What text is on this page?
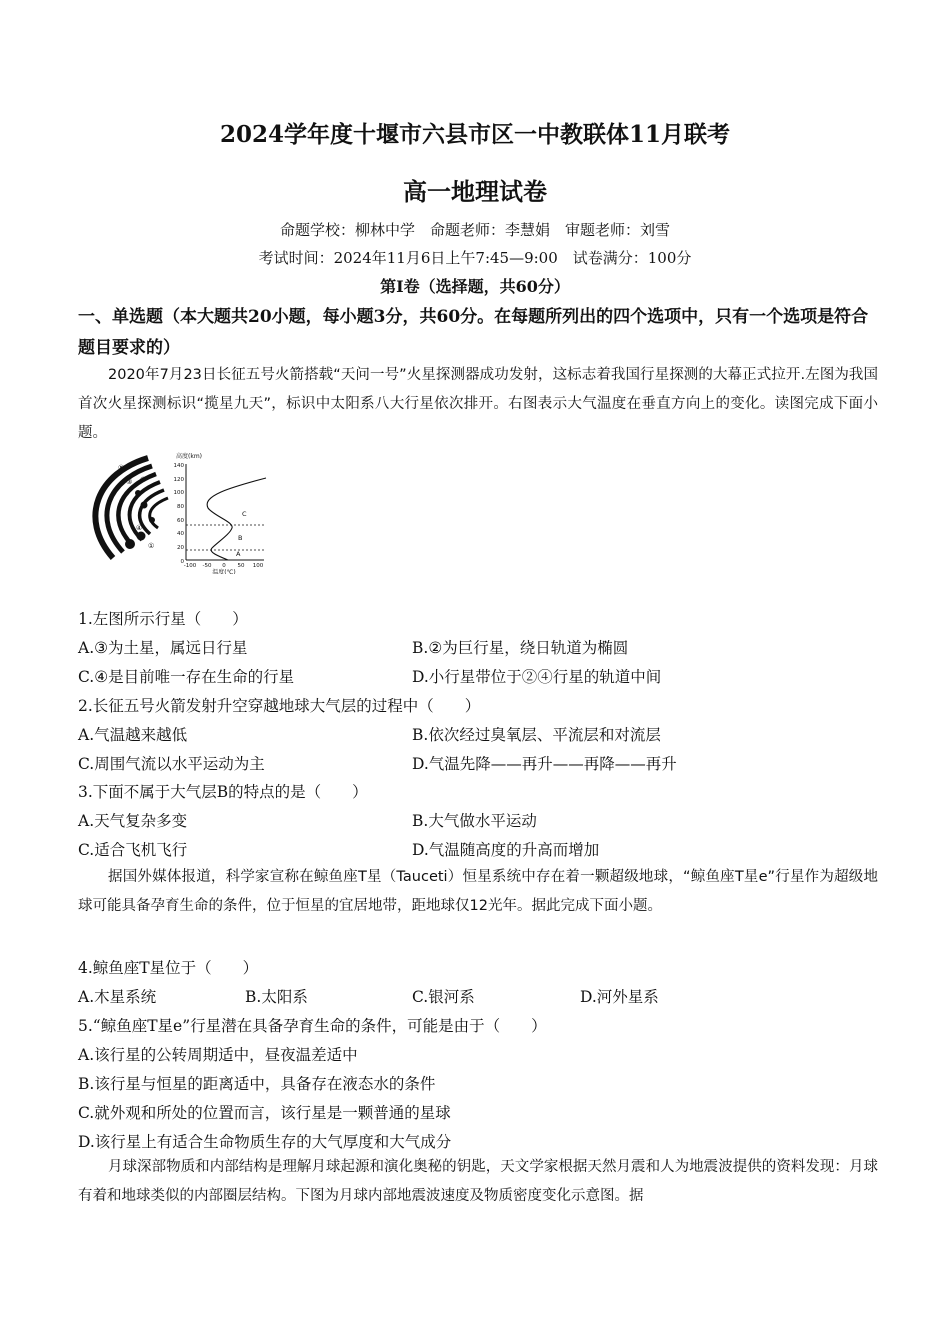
2024学年度十堰市六县市区一中教联体11月联考
高一地理试卷
命题学校：柳林中学　命题老师：李慧娟　审题老师：刘雪
考试时间：2024年11月6日上午7:45—9:00　试卷满分：100分
第Ⅰ卷（选择题，共60分）
一、单选题（本大题共20小题，每小题3分，共60分。在每题所列出的四个选项中，只有一个选项是符合题目要求的）
2020年7月23日长征五号火箭搭载“天问一号”火星探测器成功发射，这标志着我国行星探测的大幕正式拉开.左图为我国首次火星探测标识“揽星九天”，标识中太阳系八大行星依次排开。右图表示大气温度在垂直方向上的变化。读图完成下面小题。
⑤
②
③
④
①
高度(km)
140
120
100
80
60
40
20
0
-100 -50 0 50 100
温度(℃)
A
B
C
1.左图所示行星（　　）
A.③为土星，属远日行星	B.②为巨行星，绕日轨道为椭圆
C.④是目前唯一存在生命的行星	D.小行星带位于②④行星的轨道中间
2.长征五号火箭发射升空穿越地球大气层的过程中（　　）
A.气温越来越低	B.依次经过臭氧层、平流层和对流层
C.周围气流以水平运动为主	D.气温先降——再升——再降——再升
3.下面不属于大气层B的特点的是（　　）
A.天气复杂多变	B.大气做水平运动
C.适合飞机飞行	D.气温随高度的升高而增加
据国外媒体报道，科学家宣称在鲸鱼座T星（Tauceti）恒星系统中存在着一颗超级地球，“鲸鱼座T星e”行星作为超级地球可能具备孕育生命的条件，位于恒星的宜居地带，距地球仅12光年。据此完成下面小题。
4.鲸鱼座T星位于（　　）
A.木星系统	B.太阳系	C.银河系	D.河外星系
5.“鲸鱼座T星e”行星潜在具备孕育生命的条件，可能是由于（　　）
A.该行星的公转周期适中，昼夜温差适中
B.该行星与恒星的距离适中，具备存在液态水的条件
C.就外观和所处的位置而言，该行星是一颗普通的星球
D.该行星上有适合生命物质生存的大气厚度和大气成分
月球深部物质和内部结构是理解月球起源和演化奥秘的钥匙，天文学家根据天然月震和人为地震波提供的资料发现：月球有着和地球类似的内部圈层结构。下图为月球内部地震波速度及物质密度变化示意图。据
